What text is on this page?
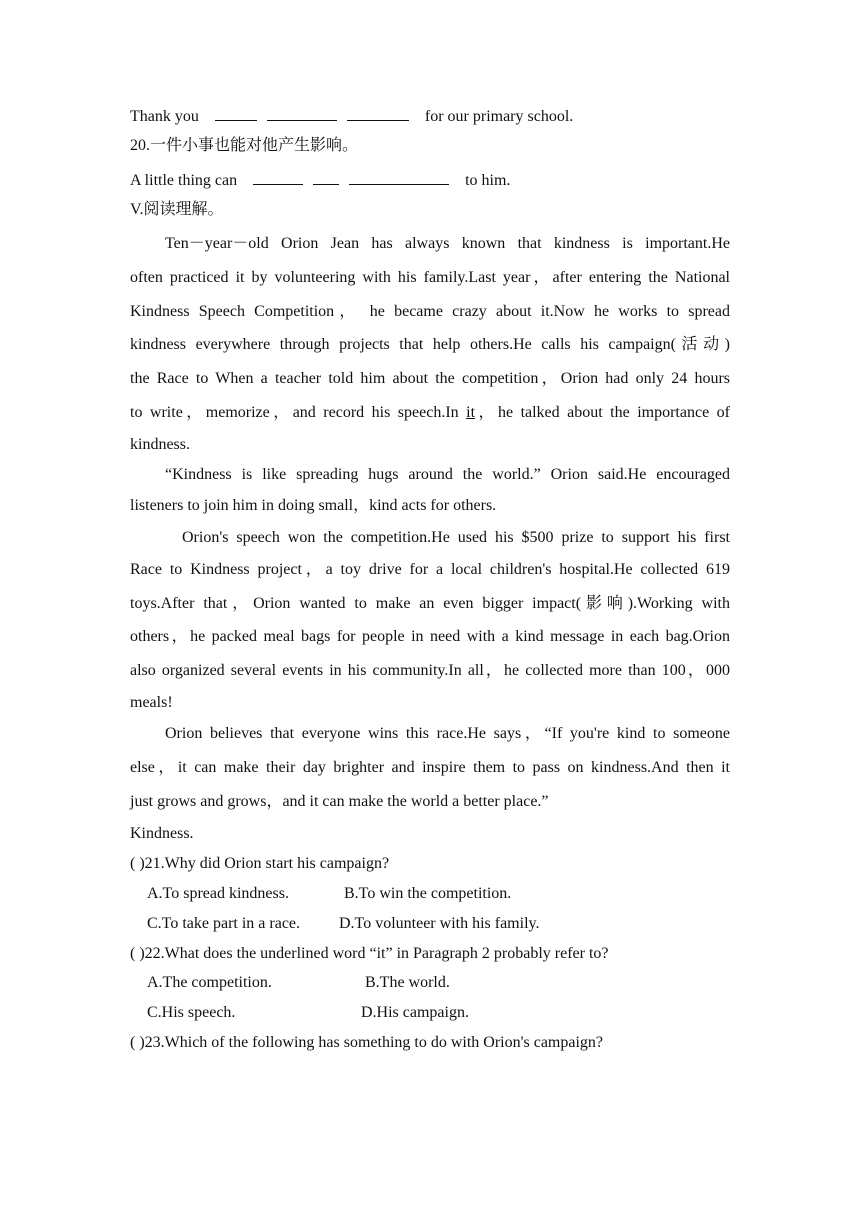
Thank you	for our primary school.
20.一件小事也能对他产生影响。
A little thing can	to him.
V.阅读理解。
Ten－year－old Orion Jean has always known that kindness is important.He
often practiced it by volunteering with his family.Last year，after entering the National
Kindness Speech Competition， he became crazy about it.Now he works to spread
kindness everywhere through projects that help others.He calls his campaign(活动)
the Race to When a teacher told him about the competition，Orion had only 24 hours
to write，memorize，and record his speech.In it，he talked about the importance of
kindness.
“Kindness is like spreading hugs around the world.” Orion said.He encouraged
listeners to join him in doing small，kind acts for others.
Orion's speech won the competition.He used his $500 prize to support his first
Race to Kindness project，a toy drive for a local children's hospital.He collected 619
toys.After that，Orion wanted to make an even bigger impact(影响).Working with
others，he packed meal bags for people in need with a kind message in each bag.Orion
also organized several events in his community.In all，he collected more than 100，000
meals!
Orion believes that everyone wins this race.He says，“If you're kind to someone
else，it can make their day brighter and inspire them to pass on kindness.And then it
just grows and grows，and it can make the world a better place.”
Kindness.
( )21.Why did Orion start his campaign?
A.To spread kindness.	B.To win the competition.
C.To take part in a race. D.To volunteer with his family.
( )22.What does the underlined word “it” in Paragraph 2 probably refer to?
A.The competition.	B.The world.
C.His speech.	D.His campaign.
( )23.Which of the following has something to do with Orion's campaign?
